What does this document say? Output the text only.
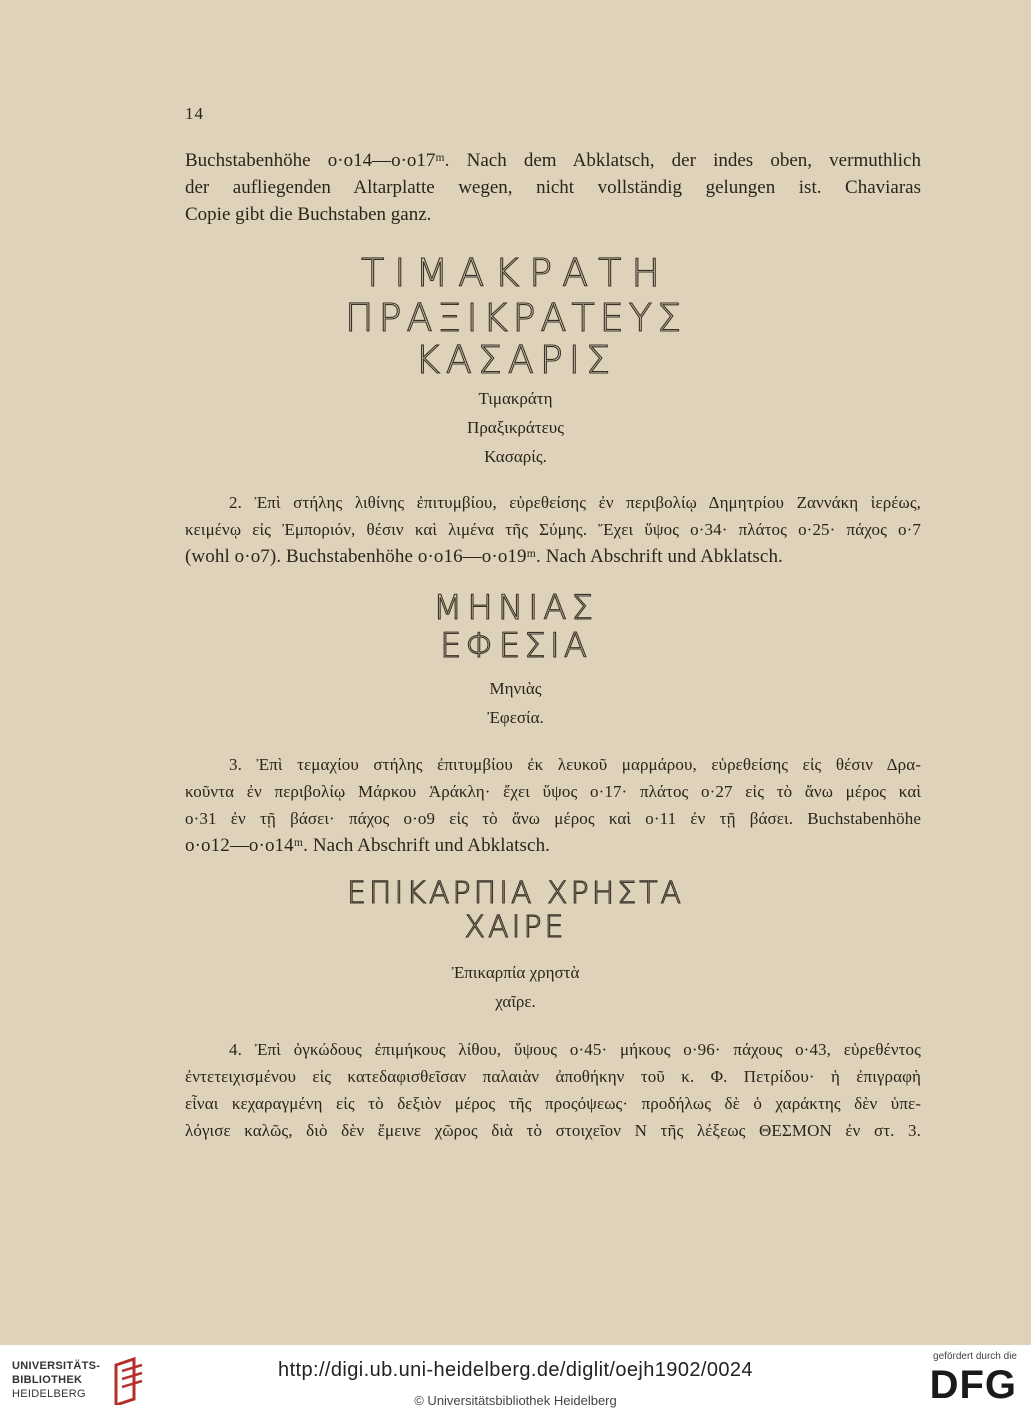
14

Buchstabenhöhe o·o14—o·o17ᵐ. Nach dem Abklatsch, der indes oben, vermuthlich
der aufliegenden Altarplatte wegen, nicht vollständig gelungen ist. Chaviaras
Copie gibt die Buchstaben ganz.

ΤΙΜΑΚΡΑΤΗ
ΠΡΑΞΙΚΡΑΤΕΥΣ
ΚΑΣΑΡΙΣ
Τιμακράτη
Πραξικράτευς
Κασαρίς.

2. Ἐπὶ στήλης λιθίνης ἐπιτυμβίου, εὑρεθείσης ἐν περιβολίῳ Δημητρίου Ζαννάκη ἱερέως,
κειμένῳ εἰς Ἐμποριόν, θέσιν καὶ λιμένα τῆς Σύμης. Ἔχει ὕψος ο·34· πλάτος ο·25· πάχος ο·7
(wohl o·o7). Buchstabenhöhe o·o16—o·o19ᵐ. Nach Abschrift und Abklatsch.

ΜΗΝΙΑΣ
ΕΦΕΣΙΑ
Μηνιὰς
Ἐφεσία.

3. Ἐπὶ τεμαχίου στήλης ἐπιτυμβίου ἐκ λευκοῦ μαρμάρου, εὑρεθείσης εἰς θέσιν Δρα-
κοῦντα ἐν περιβολίῳ Μάρκου Ἀράκλη· ἔχει ὕψος ο·17· πλάτος ο·27 εἰς τὸ ἄνω μέρος καὶ
ο·31 ἐν τῇ βάσει· πάχος ο·ο9 εἰς τὸ ἄνω μέρος καὶ ο·11 ἐν τῇ βάσει. Buchstabenhöhe
o·o12—o·o14ᵐ. Nach Abschrift und Abklatsch.

ΕΠΙΚΑΡΠΙΑ ΧΡΗΣΤΑ
ΧΑΙΡΕ
Ἐπικαρπία χρηστὰ
χαῖρε.

4. Ἐπὶ ὀγκώδους ἐπιμήκους λίθου, ὕψους ο·45· μήκους ο·96· πάχους ο·43, εὑρεθέντος
ἐντετειχισμένου εἰς κατεδαφισθεῖσαν παλαιὰν ἀποθήκην τοῦ κ. Φ. Πετρίδου· ἡ ἐπιγραφὴ
εἶναι κεχαραγμένη εἰς τὸ δεξιὸν μέρος τῆς προςόψεως· προδήλως δὲ ὁ χαράκτης δὲν ὑπε-
λόγισε καλῶς, διὸ δὲν ἔμεινε χῶρος διὰ τὸ στοιχεῖον Ν τῆς λέξεως ΘΕΣΜΟΝ ἐν στ. 3.

UNIVERSITÄTS-
BIBLIOTHEK
HEIDELBERG
http://digi.ub.uni-heidelberg.de/diglit/oejh1902/0024
© Universitätsbibliothek Heidelberg
gefördert durch die
DFG
